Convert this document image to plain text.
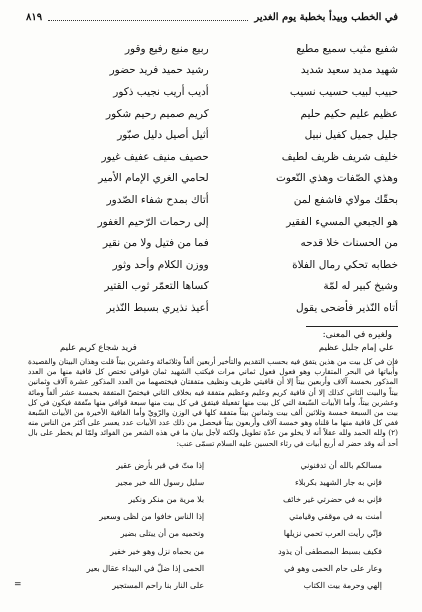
في الخطب وبيدأ بخطبة يوم الغدير
٨١٩
شفيع مثيب سميع مطيع
ربيع منيع رفيع وقور
شهيد مديد سعيد شديد
رشيد حميد فريد حضور
حبيب لبيب حسيب نسيب
أديب أريب نجيب ذكور
عظيم عليم حكيم حليم
كريم صميم رحيم شكور
جليل جميل كفيل نبيل
أثيل أصيل دليل صبّور
خليف شريف ظريف لطيف
حصيف منيف عفيف غيور
وهذي الصّفات وهذي النّعوت
لحامي الغري الإمام الأمير
بحقّك مولاي فاشفع لمن
أتاك بمدح شفاء الصّدور
هو الجبعي المسيء الفقير
إلى رحمات الرّحيم الغفور
من الحسنات خلا قدحه
فما من فتيل ولا من نقير
خطابه تحكي رمال الفلاة
ووزن الكلام وأحد وثور
وشيخ كبير له لمّة
كساها التعمّر ثوب القتير
أتاه النّذير فأضحى يقول
أعيذ نذيري بسبط النّذير
ولغيره في المعنى:
علي إمام جليل عظيم
فريد شجاع كريم عليم
فإن في كل بيت من هذين يتفق فيه بحسب التقديم والتأخير أربعين ألفاً وثلاثمائة وعشرين بيتاً قلت وهذان البيتان والقصيدة وأبياتها في البحر المتقارب وهو فعول فعول ثماني مرات فيكتب الشهيد ثمان قوافي تختص كل قافية منها من العدد المذكور بخمسة آلاف وأربعين بيتاً إلا أن قافيتي ظريف ونظيف متفقتان فيختصهما من العدد المذكور عشرة آلاف وثمانين بيتاً والبيت الثاني كذلك إلا أن قافية كريم وعليم وعظيم متفقة فيه بخلاف الثاني فيختصّ المتفقة بخمسة عشر ألفاً ومائة وعشرين بيتاً، وأما الأبيات السّبعة التي كل بيت منها تفعيلة فيتفق في كل بيت منها سبعة قوافي منها متّفقة فيكون في كل بيت من السبعة خمسة وثلاثين ألف بيت وثمانين بيتاً متفقة كلها في الوزن والرّويّ وأما القافية الأخيرة من الأبيات السّبعة ففي كل قافية منها ما قلناه وهو خمسة آلاف وأربعون بيتاً فيحصل من ذلك عدد الأبيات عدد يعسر على أكثر من الناس منه (٢) ولله الحمد ولله عقلاً أنه لا يخلو من عدّة تطويل ولكنه لأجل بيان ما في هذه الشعر من الفوائد ولمّا لم يخطر على بال أحد أنه وقد حضر له أربع أبيات في رثاء الحسين عليه السلام تسمّى عنب:
مسالكم بالله أن تدفنوني
إذا متّ في قبر بأرض عقير
فإني به جار الشهيد بكربلاء
سليل رسول الله خير مجير
فإني به في حضرتي غير خائف
بلا مرية من منكر ونكير
أمنت به في موقفي وقيامتي
إذا الناس خافوا من لظى وسعير
فإنّي رأيت العرب تحمي نزيلها
وتحميه من أن يبتلى بضير
فكيف بسبط المصطفى أن يذود
من بحماه نزل وهو خير خفير
وعار على حام الحمى وهو في
الحمى إذا ضلّ في البيداء عقال بعير
إلهي وحرمة بيت الكتاب
على النار بنا راحم المستجير
=
